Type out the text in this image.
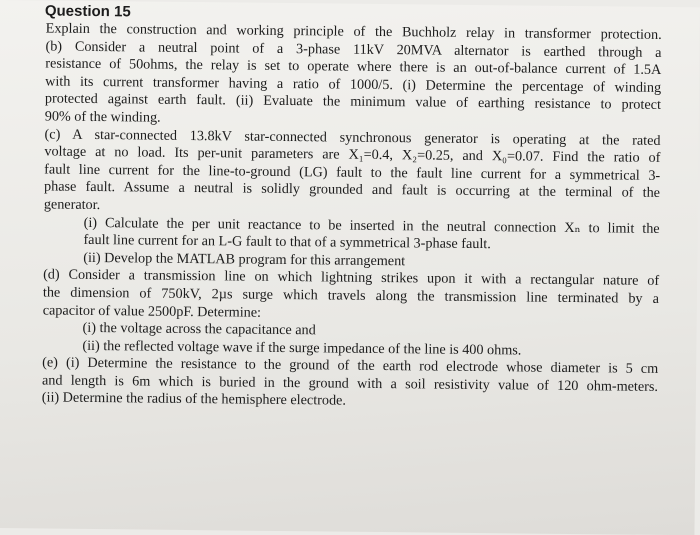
Question 15
Explain the construction and working principle of the Buchholz relay in transformer protection.
(b) Consider a neutral point of a 3-phase 11kV 20MVA alternator is earthed through a
resistance of 50ohms, the relay is set to operate where there is an out-of-balance current of 1.5A
with its current transformer having a ratio of 1000/5. (i) Determine the percentage of winding
protected against earth fault. (ii) Evaluate the minimum value of earthing resistance to protect
90% of the winding.
(c) A star-connected 13.8kV star-connected synchronous generator is operating at the rated
voltage at no load. Its per-unit parameters are X₁=0.4, X₂=0.25, and X₀=0.07. Find the ratio of
fault line current for the line-to-ground (LG) fault to the fault line current for a symmetrical 3-
phase fault. Assume a neutral is solidly grounded and fault is occurring at the terminal of the
generator.
(i) Calculate the per unit reactance to be inserted in the neutral connection Xₙ to limit the
fault line current for an L-G fault to that of a symmetrical 3-phase fault.
(ii) Develop the MATLAB program for this arrangement
(d) Consider a transmission line on which lightning strikes upon it with a rectangular nature of
the dimension of 750kV, 2µs surge which travels along the transmission line terminated by a
capacitor of value 2500pF. Determine:
(i) the voltage across the capacitance and
(ii) the reflected voltage wave if the surge impedance of the line is 400 ohms.
(e) (i) Determine the resistance to the ground of the earth rod electrode whose diameter is 5 cm
and length is 6m which is buried in the ground with a soil resistivity value of 120 ohm-meters.
(ii) Determine the radius of the hemisphere electrode.
